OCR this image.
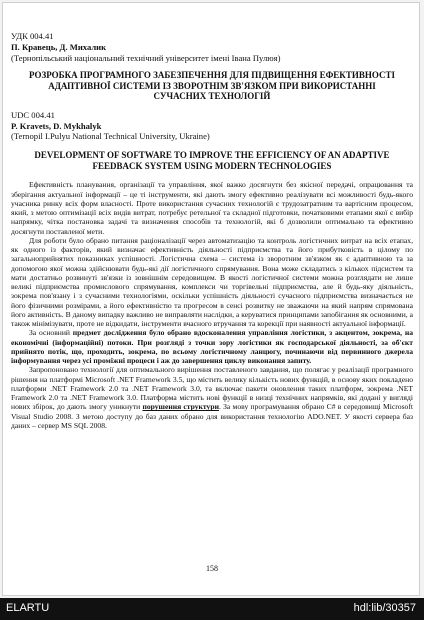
УДК 004.41
П. Кравець, Д. Михалик
(Тернопільський національний технічний університет імені Івана Пулюя)
РОЗРОБКА ПРОГРАМНОГО ЗАБЕЗПЕЧЕННЯ ДЛЯ ПІДВИЩЕННЯ ЕФЕКТИВНОСТІ АДАПТИВНОЇ СИСТЕМИ ІЗ ЗВОРОТНІМ ЗВ'ЯЗКОМ ПРИ ВИКОРИСТАННІ СУЧАСНИХ ТЕХНОЛОГІЙ
UDC 004.41
P. Kravets, D. Mykhalyk
(Ternopil I.Pulyu National Technical University, Ukraine)
DEVELOPMENT OF SOFTWARE TO IMPROVE THE EFFICIENCY OF AN ADAPTIVE FEEDBACK SYSTEM USING MODERN TECHNOLOGIES

Ефективність планування, організації та управління, якої важко досягнути без якісної передачі, опрацювання та зберігання актуальної інформації – це ті інструменти, які дають змогу ефективно реалізувати всі можливості будь-якого учасника ринку всіх форм власності. Проте використання сучасних технологій є трудозатратним та вартісним процесом, який, з метою оптимізації всіх видів витрат, потребує ретельної та складної підготовки, початковими етапами якої є вибір напрямку, чітка постановка задачі та визначення способів та технологій, які б дозволили оптимально та ефективно досягнути поставленої мети.

Для роботи було обрано питання раціоналізації через автоматизацію та контроль логістичних витрат на всіх етапах, як одного із факторів, який визначає ефективність діяльності підприємства та його прибутковість в цілому по загальноприйнятих показниках успішності. Логістична схема – система із зворотним зв'язком як є адаптивною та за допомогою якої можна здійснювати будь-які дії логістичного спрямування. Вона може складатись з кількох підсистем та мати достатньо розвинуті зв'язки із зовнішнім середовищем. В якості логістичної системи можна розглядати не лише великі підприємства промислового спрямування, комплекси чи торгівельні підприємства, але й будь-яку діяльність, зокрема пов'язану і з сучасними технологіями, оскільки успішність діяльності сучасного підприємства визначається не його фізичними розмірами, а його ефективністю та прогресом в сенсі розвитку не зважаючи на який напрям спрямована його активність. В даному випадку важливо не виправляти наслідки, а керуватися принципами запобігання як основними, а також мінімізувати, проте не відкидати, інструменти вчасного втручання та корекції при наявності актуальної інформації.

За основний предмет дослідження було обрано вдосконалення управління логістики, з акцентом, зокрема, на економічні (інформаційні) потоки. При розгляді з точки зору логістики як господарської діяльності, за об'єкт прийнято потік, що, проходить, зокрема, по всьому логістичному ланцюгу, починаючи від первинного джерела інформування через усі проміжні процеси і аж до завершення циклу виконання запиту.

Запропоновано технології для оптимального вирішення поставленого завдання, що полягає у реалізації програмного рішення на платформі Microsoft .NET Framework 3.5, що містить велику кількість нових функцій, в основу яких покладено платформи .NET Framework 2.0 та .NET Framework 3.0, та включає пакети оновлення таких платформ, зокрема .NET Framework 2.0 та .NET Framework 3.0. Платформа містить нові функції в низці технічних напрямків, які додані у вигляді нових збірок, до дають змогу уникнути порушення структури. За мову програмування обрано С# в середовищі Microsoft Visual Studio 2008. З метою доступу до баз даних обрано для використання технологію ADO.NET. У якості сервера баз даних – сервер MS SQL 2008.

158
ELARTU	hdl:lib/30357
